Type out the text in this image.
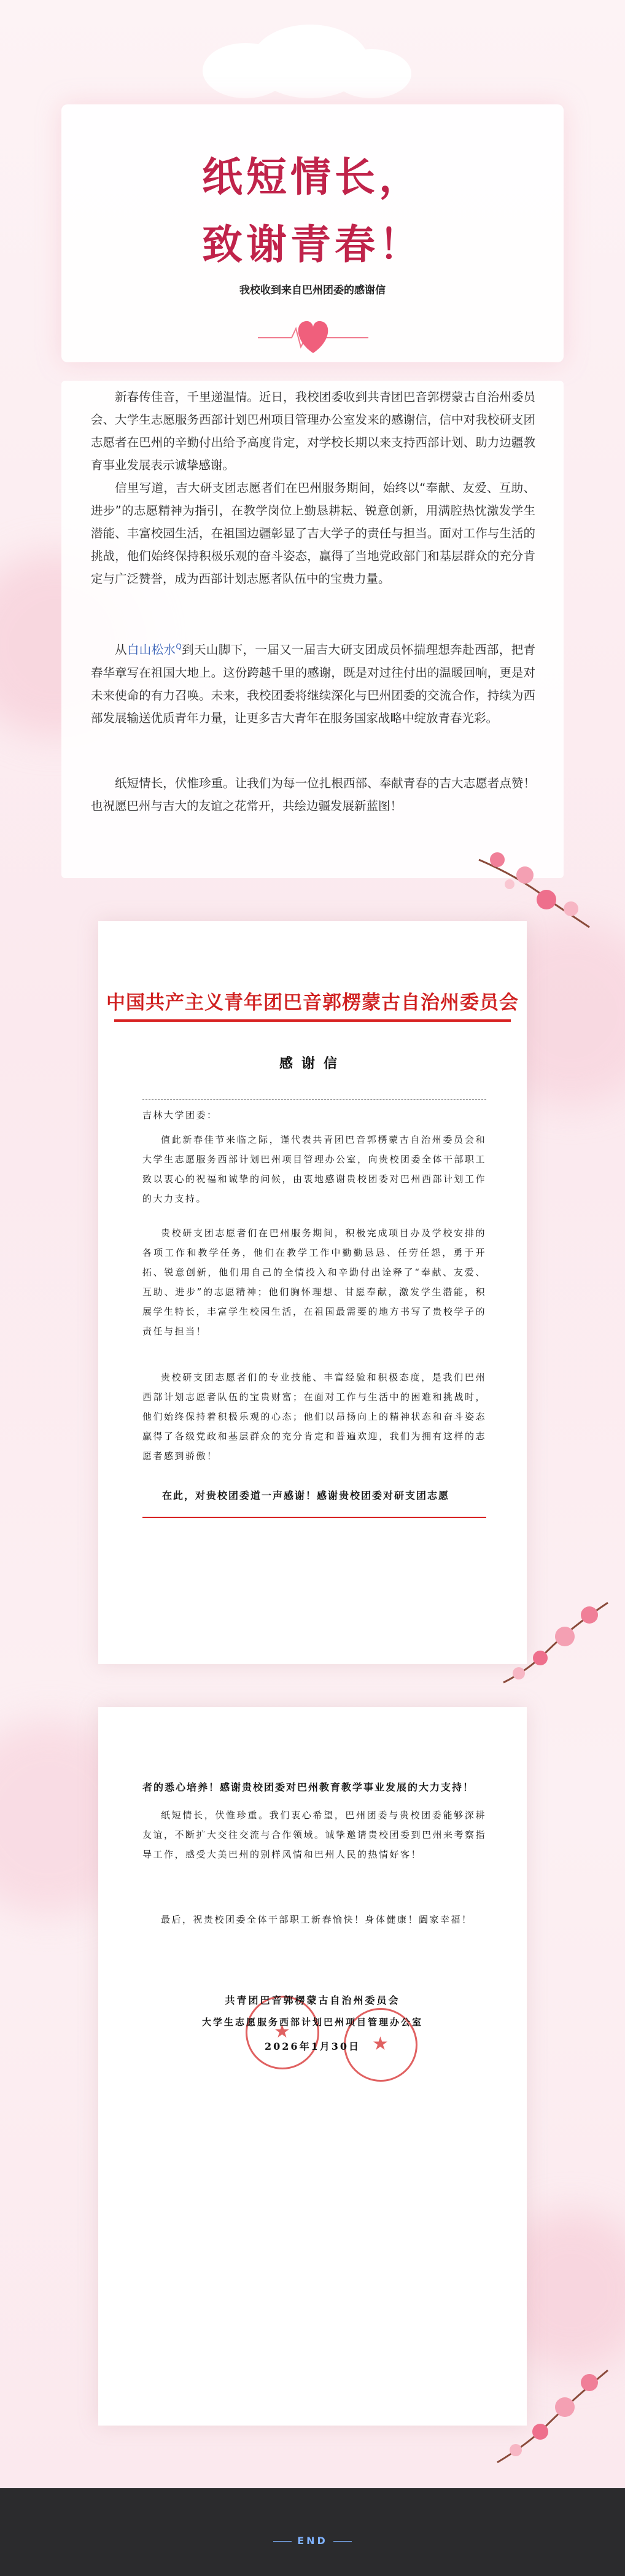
纸短情长，
致谢青春！
我校收到来自巴州团委的感谢信

新春传佳音，千里递温情。近日，我校团委收到共青团巴音郭楞蒙古自治州委员会、大学生志愿服务西部计划巴州项目管理办公室发来的感谢信，信中对我校研支团志愿者在巴州的辛勤付出给予高度肯定，对学校长期以来支持西部计划、助力边疆教育事业发展表示诚挚感谢。

信里写道，吉大研支团志愿者们在巴州服务期间，始终以“奉献、友爱、互助、进步”的志愿精神为指引，在教学岗位上勤恳耕耘、锐意创新，用满腔热忱激发学生潜能、丰富校园生活，在祖国边疆彰显了吉大学子的责任与担当。面对工作与生活的挑战，他们始终保持积极乐观的奋斗姿态，赢得了当地党政部门和基层群众的充分肯定与广泛赞誉，成为西部计划志愿者队伍中的宝贵力量。

从白山松水$^Q$到天山脚下，一届又一届吉大研支团成员怀揣理想奔赴西部，把青春华章写在祖国大地上。这份跨越千里的感谢，既是对过往付出的温暖回响，更是对未来使命的有力召唤。未来，我校团委将继续深化与巴州团委的交流合作，持续为西部发展输送优质青年力量，让更多吉大青年在服务国家战略中绽放青春光彩。

纸短情长，伏惟珍重。让我们为每一位扎根西部、奉献青春的吉大志愿者点赞！也祝愿巴州与吉大的友谊之花常开，共绘边疆发展新蓝图！

中国共产主义青年团巴音郭楞蒙古自治州委员会
感谢信
吉林大学团委：
值此新春佳节来临之际，谨代表共青团巴音郭楞蒙古自治州委员会和大学生志愿服务西部计划巴州项目管理办公室，向贵校团委全体干部职工致以衷心的祝福和诚挚的问候，由衷地感谢贵校团委对巴州西部计划工作的大力支持。
贵校研支团志愿者们在巴州服务期间，积极完成项目办及学校安排的各项工作和教学任务，他们在教学工作中勤勤恳恳、任劳任怨，勇于开拓、锐意创新，他们用自己的全情投入和辛勤付出诠释了“奉献、友爱、互助、进步”的志愿精神；他们胸怀理想、甘愿奉献，激发学生潜能，积展学生特长，丰富学生校园生活，在祖国最需要的地方书写了贵校学子的责任与担当！
贵校研支团志愿者们的专业技能、丰富经验和积极态度，是我们巴州西部计划志愿者队伍的宝贵财富；在面对工作与生活中的困难和挑战时，他们始终保持着积极乐观的心态；他们以昂扬向上的精神状态和奋斗姿态赢得了各级党政和基层群众的充分肯定和普遍欢迎，我们为拥有这样的志愿者感到骄傲！
在此，对贵校团委道一声感谢！感谢贵校团委对研支团志愿
者的悉心培养！感谢贵校团委对巴州教育教学事业发展的大力支持！
纸短情长，伏惟珍重。我们衷心希望，巴州团委与贵校团委能够深耕友谊，不断扩大交往交流与合作领域。诚挚邀请贵校团委到巴州来考察指导工作，感受大美巴州的别样风情和巴州人民的热情好客！
最后，祝贵校团委全体干部职工新春愉快！身体健康！阖家幸福！
★
★
共青团巴音郭楞蒙古自治州委员会
大学生志愿服务西部计划巴州项目管理办公室
2026年1月30日
END
